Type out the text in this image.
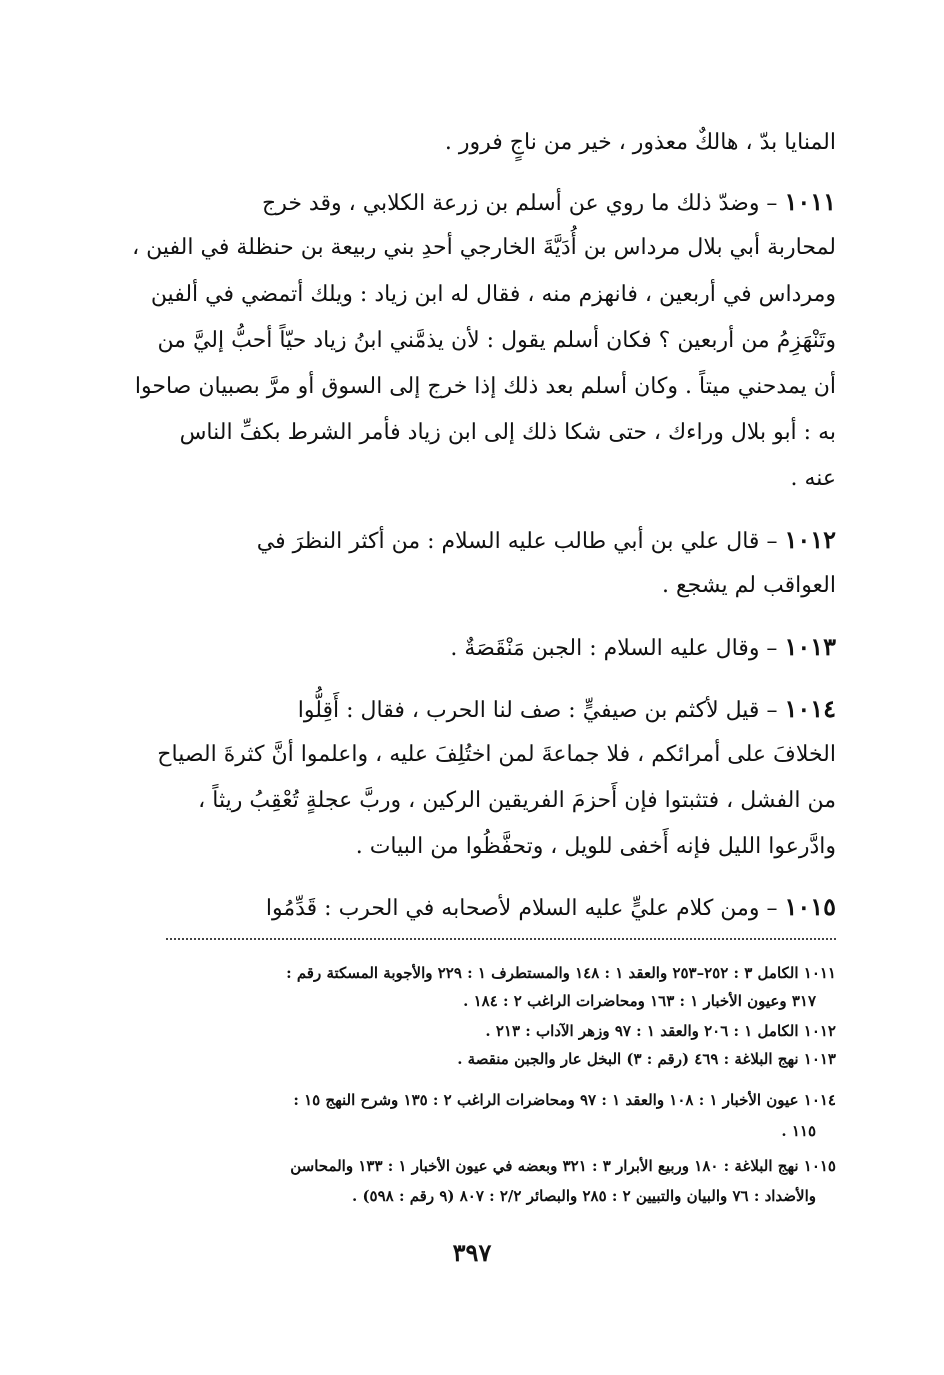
المنايا بدّ ، هالكٌ معذور ، خير من ناجٍ فرور .
١٠١١ – وضدّ ذلك ما روي عن أسلم بن زرعة الكلابي ، وقد خرج
لمحاربة أبي بلال مرداس بن أُدَيَّةَ الخارجي أحدِ بني ربيعة بن حنظلة في الفين ،
ومرداس في أربعين ، فانهزم منه ، فقال له ابن زياد : ويلك أتمضي في ألفين
وتَنْهَزِمُ من أربعين ؟ فكان أسلم يقول : لأن يذمَّني ابنُ زياد حيّاً أحبُّ إليَّ من
أن يمدحني ميتاً . وكان أسلم بعد ذلك إذا خرج إلى السوق أو مرَّ بصبيان صاحوا
به : أبو بلال وراءك ، حتى شكا ذلك إلى ابن زياد فأمر الشرط بكفِّ الناس
عنه .
١٠١٢ – قال علي بن أبي طالب عليه السلام : من أكثر النظرَ في
العواقب لم يشجع .
١٠١٣ – وقال عليه السلام : الجبن مَنْقَصَةٌ .
١٠١٤ – قيل لأكثم بن صيفيٍّ : صف لنا الحرب ، فقال : أَقِلُّوا
الخلافَ على أمرائكم ، فلا جماعةَ لمن اختُلِفَ عليه ، واعلموا أنَّ كثرةَ الصياح
من الفشل ، فتثبتوا فإن أَحزمَ الفريقين الركين ، وربَّ عجلةٍ تُعْقِبُ ريثاً ،
وادَّرعوا الليل فإنه أَخفى للويل ، وتحفَّظُوا من البيات .
١٠١٥ – ومن كلام عليٍّ عليه السلام لأصحابه في الحرب : قَدِّمُوا
١٠١١ الكامل ٣ : ٢٥٢–٢٥٣ والعقد ١ : ١٤٨ والمستطرف ١ : ٢٢٩ والأجوبة المسكتة رقم :
٣١٧ وعيون الأخبار ١ : ١٦٣ ومحاضرات الراغب ٢ : ١٨٤ .
١٠١٢ الكامل ١ : ٢٠٦ والعقد ١ : ٩٧ وزهر الآداب : ٢١٣ .
١٠١٣ نهج البلاغة : ٤٦٩ (رقم : ٣) البخل عار والجبن منقصة .
١٠١٤ عيون الأخبار ١ : ١٠٨ والعقد ١ : ٩٧ ومحاضرات الراغب ٢ : ١٣٥ وشرح النهج ١٥ :
١١٥ .
١٠١٥ نهج البلاغة : ١٨٠ وربيع الأبرار ٣ : ٣٢١ وبعضه في عيون الأخبار ١ : ١٣٣ والمحاسن
والأضداد : ٧٦ والبيان والتبيين ٢ : ٢٨٥ والبصائر ٢/٢ : ٨٠٧ (٩ رقم : ٥٩٨) .
٣٩٧
